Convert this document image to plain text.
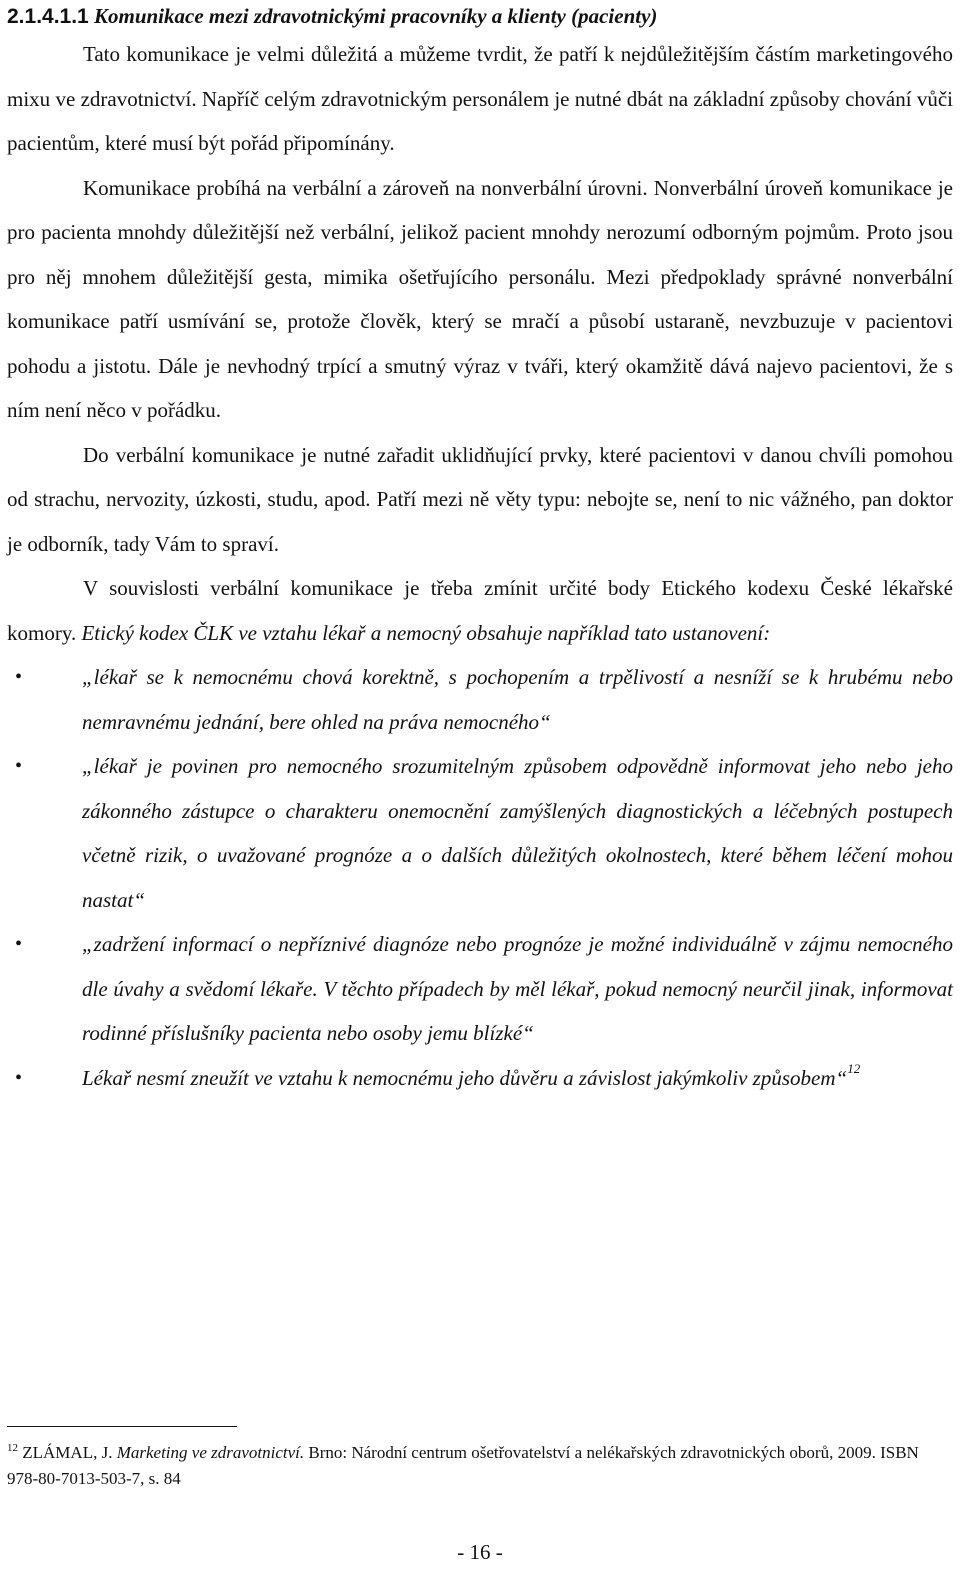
2.1.4.1.1 Komunikace mezi zdravotnickými pracovníky a klienty (pacienty)

Tato komunikace je velmi důležitá a můžeme tvrdit, že patří k nejdůležitějším částím marketingového mixu ve zdravotnictví. Napříč celým zdravotnickým personálem je nutné dbát na základní způsoby chování vůči pacientům, které musí být pořád připomínány.

Komunikace probíhá na verbální a zároveň na nonverbální úrovni. Nonverbální úroveň komunikace je pro pacienta mnohdy důležitější než verbální, jelikož pacient mnohdy nerozumí odborným pojmům. Proto jsou pro něj mnohem důležitější gesta, mimika ošetřujícího personálu. Mezi předpoklady správné nonverbální komunikace patří usmívání se, protože člověk, který se mračí a působí ustaraně, nevzbuzuje v pacientovi pohodu a jistotu. Dále je nevhodný trpící a smutný výraz v tváři, který okamžitě dává najevo pacientovi, že s ním není něco v pořádku.

Do verbální komunikace je nutné zařadit uklidňující prvky, které pacientovi v danou chvíli pomohou od strachu, nervozity, úzkosti, studu, apod. Patří mezi ně věty typu: nebojte se, není to nic vážného, pan doktor je odborník, tady Vám to spraví.

V souvislosti verbální komunikace je třeba zmínit určité body Etického kodexu České lékařské komory. Etický kodex ČLK ve vztahu lékař a nemocný obsahuje například tato ustanovení:

•	„lékař se k nemocnému chová korektně, s pochopením a trpělivostí a nesníží se k hrubému nebo nemravnému jednání, bere ohled na práva nemocného“
•	„lékař je povinen pro nemocného srozumitelným způsobem odpovědně informovat jeho nebo jeho zákonného zástupce o charakteru onemocnění zamýšlených diagnostických a léčebných postupech včetně rizik, o uvažované prognóze a o dalších důležitých okolnostech, které během léčení mohou nastat“
•	„zadržení informací o nepříznivé diagnóze nebo prognóze je možné individuálně v zájmu nemocného dle úvahy a svědomí lékaře. V těchto případech by měl lékař, pokud nemocný neurčil jinak, informovat rodinné příslušníky pacienta nebo osoby jemu blízké“
•	Lékař nesmí zneužít ve vztahu k nemocnému jeho důvěru a závislost jakýmkoliv způsobem“$^{12}$
$^{12}$ ZLÁMAL, J. Marketing ve zdravotnictví. Brno: Národní centrum ošetřovatelství a nelékařských zdravotnických oborů, 2009. ISBN 978-80-7013-503-7, s. 84
- 16 -
